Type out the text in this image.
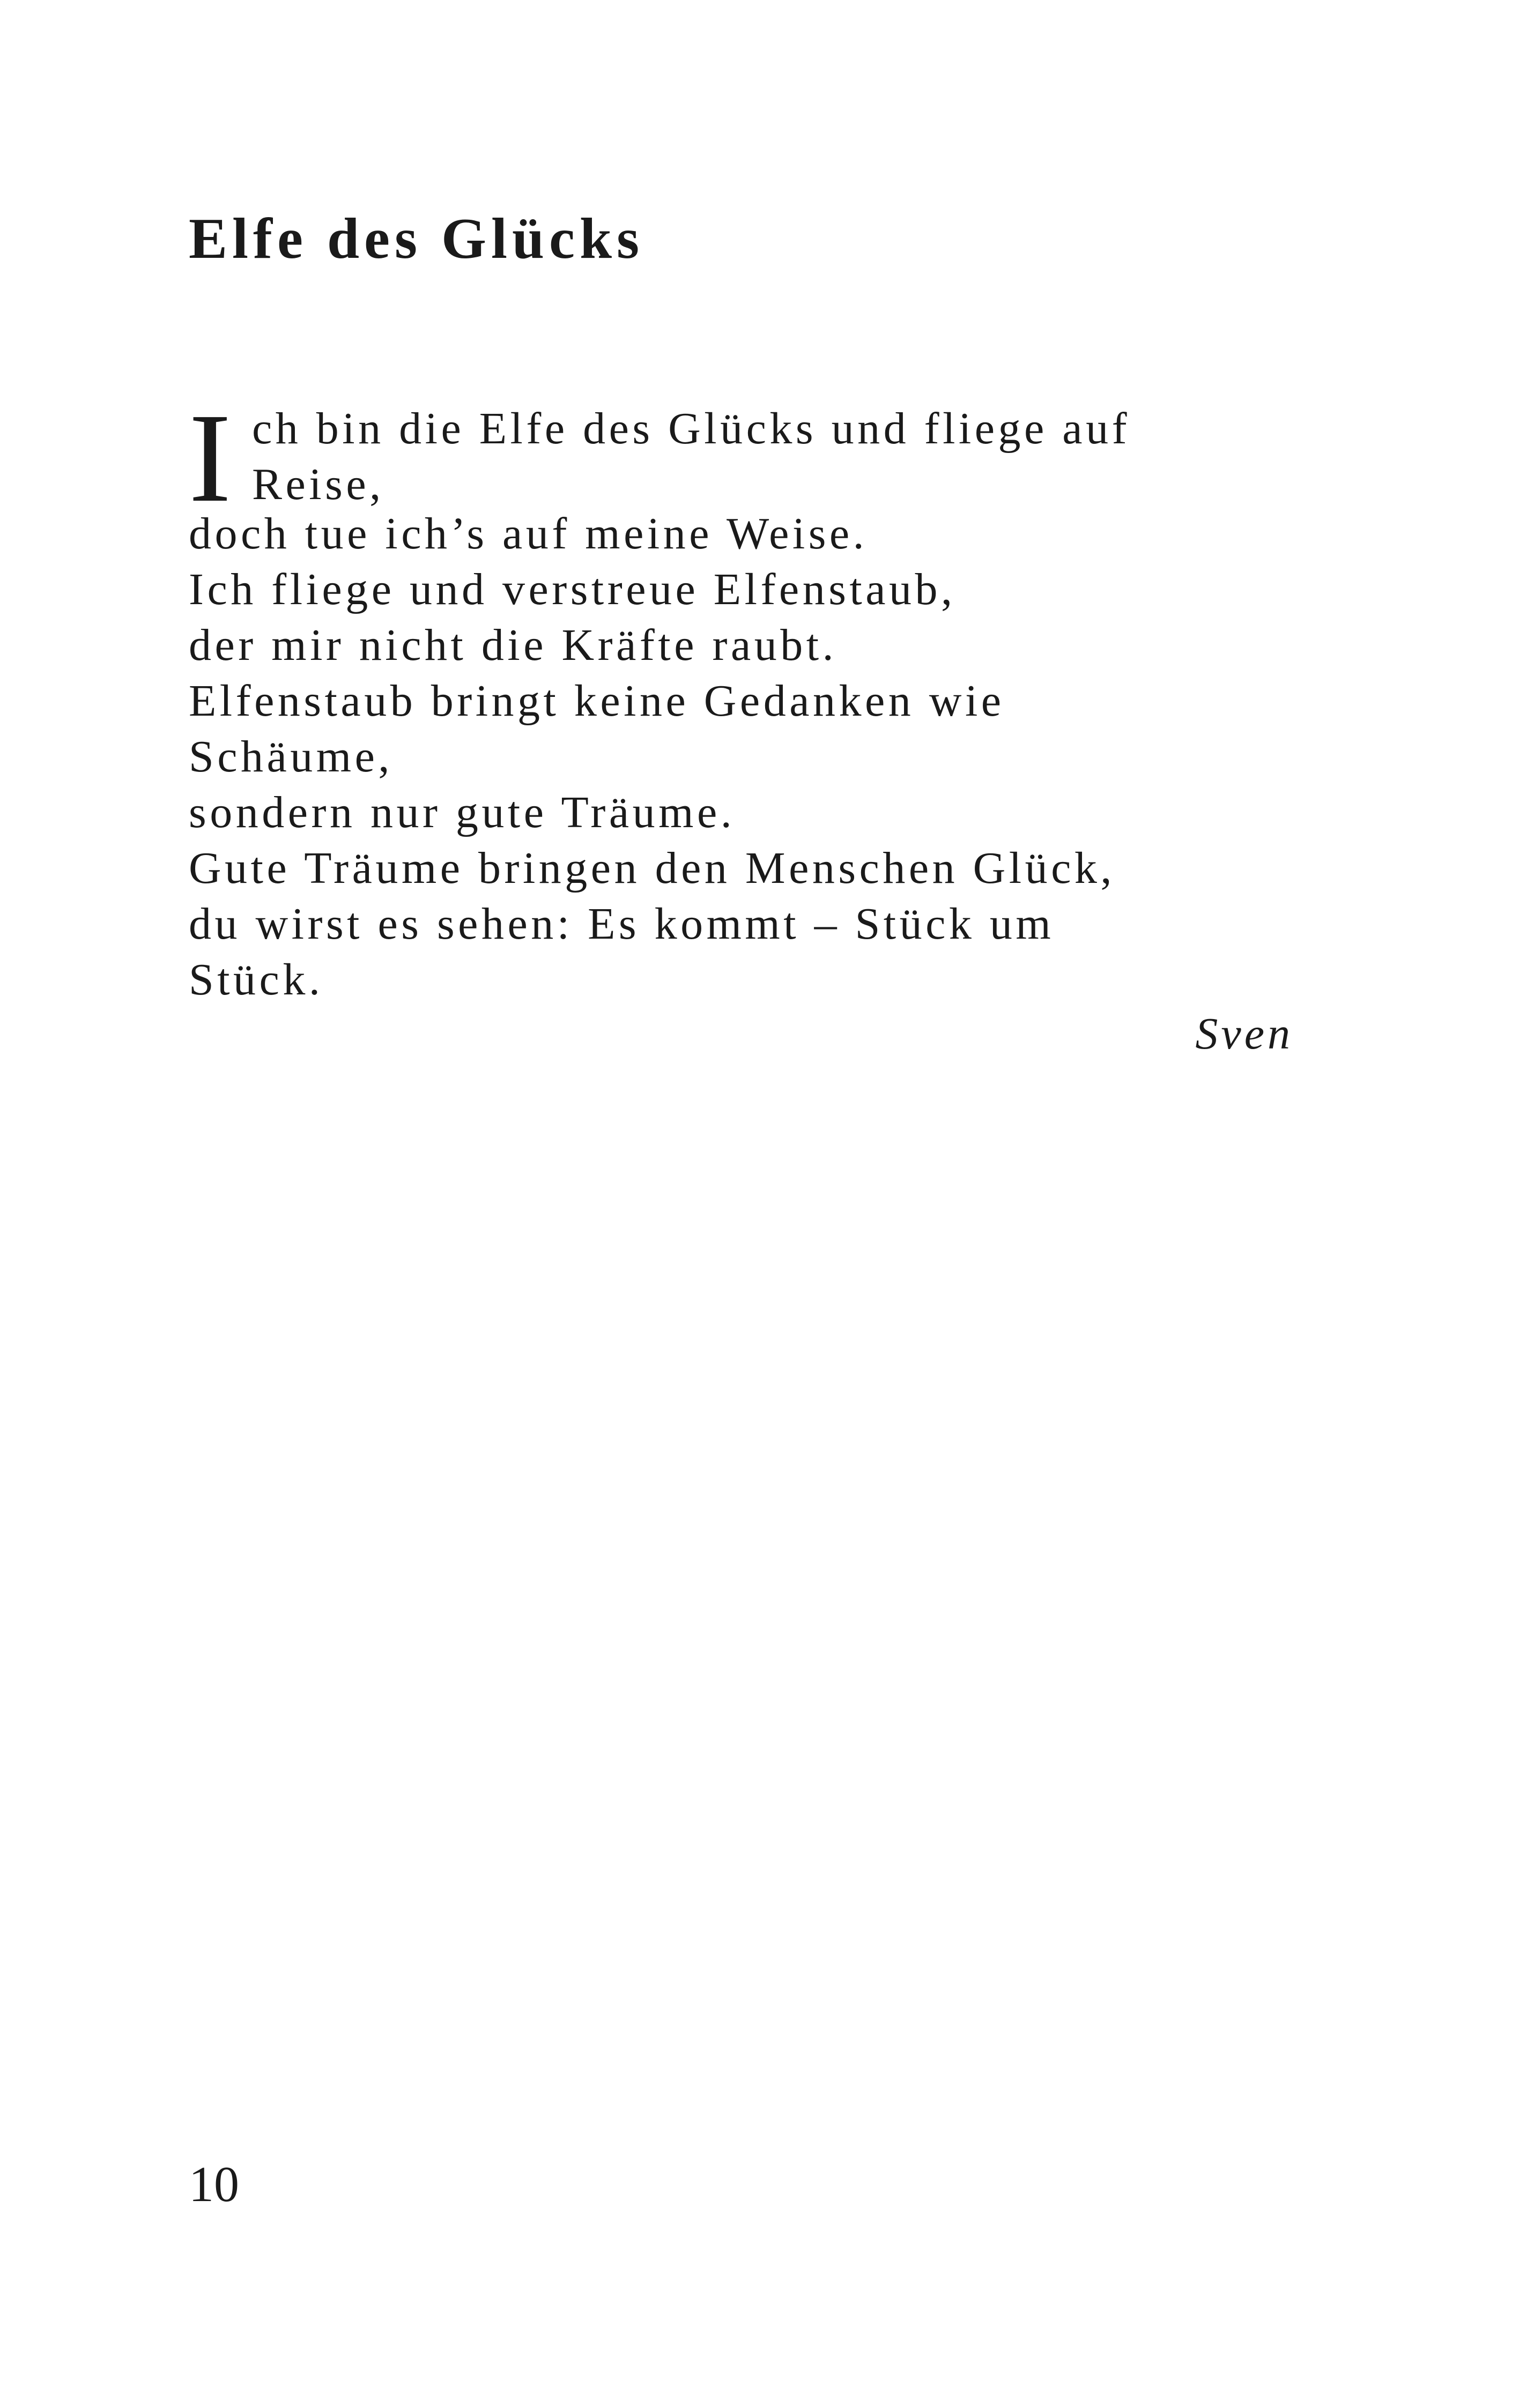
Elfe des Glücks
I ch bin die Elfe des Glücks und fliege auf
Reise,
doch tue ich’s auf meine Weise.
Ich fliege und verstreue Elfenstaub,
der mir nicht die Kräfte raubt.
Elfenstaub bringt keine Gedanken wie
Schäume,
sondern nur gute Träume.
Gute Träume bringen den Menschen Glück,
du wirst es sehen: Es kommt – Stück um
Stück.
Sven
10
